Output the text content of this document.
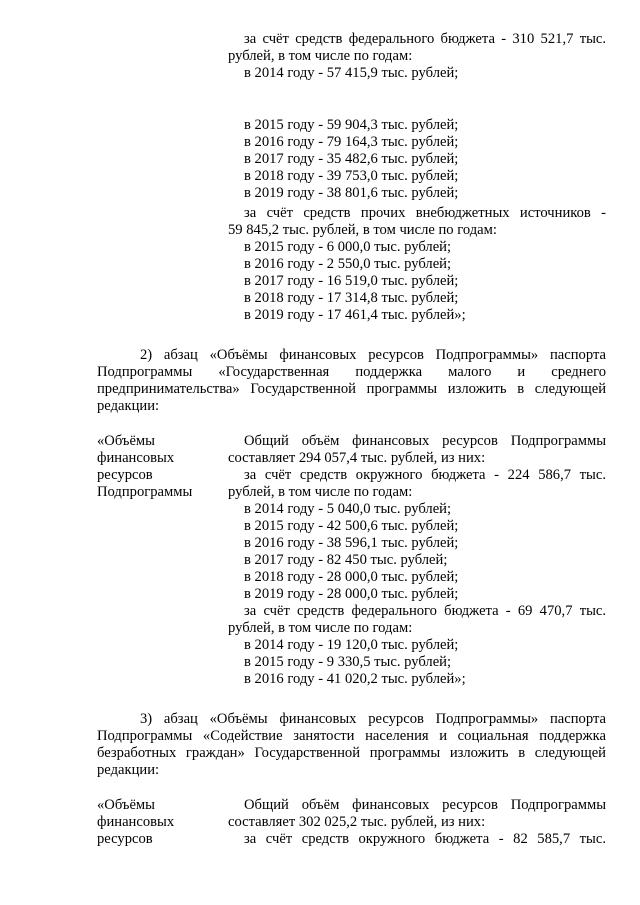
за счёт средств федерального бюджета - 310 521,7 тыс.
рублей, в том числе по годам:
в 2014 году - 57 415,9 тыс. рублей;
в 2015 году - 59 904,3 тыс. рублей;
в 2016 году - 79 164,3 тыс. рублей;
в 2017 году - 35 482,6 тыс. рублей;
в 2018 году - 39 753,0 тыс. рублей;
в 2019 году - 38 801,6 тыс. рублей;
за счёт средств прочих внебюджетных источников -
59 845,2 тыс. рублей, в том числе по годам:
в 2015 году - 6 000,0 тыс. рублей;
в 2016 году - 2 550,0 тыс. рублей;
в 2017 году - 16 519,0 тыс. рублей;
в 2018 году - 17 314,8 тыс. рублей;
в 2019 году - 17 461,4 тыс. рублей»;
2) абзац «Объёмы финансовых ресурсов Подпрограммы» паспорта
Подпрограммы «Государственная поддержка малого и среднего
предпринимательства» Государственной программы изложить в следующей
редакции:
«Объёмы
финансовых
ресурсов
Подпрограммы
Общий объём финансовых ресурсов Подпрограммы
составляет 294 057,4 тыс. рублей, из них:
за счёт средств окружного бюджета - 224 586,7 тыс.
рублей, в том числе по годам:
в 2014 году - 5 040,0 тыс. рублей;
в 2015 году - 42 500,6 тыс. рублей;
в 2016 году - 38 596,1 тыс. рублей;
в 2017 году - 82 450 тыс. рублей;
в 2018 году - 28 000,0 тыс. рублей;
в 2019 году - 28 000,0 тыс. рублей;
за счёт средств федерального бюджета - 69 470,7 тыс.
рублей, в том числе по годам:
в 2014 году - 19 120,0 тыс. рублей;
в 2015 году - 9 330,5 тыс. рублей;
в 2016 году - 41 020,2 тыс. рублей»;
3) абзац «Объёмы финансовых ресурсов Подпрограммы» паспорта
Подпрограммы «Содействие занятости населения и социальная поддержка
безработных граждан» Государственной программы изложить в следующей
редакции:
«Объёмы
финансовых
ресурсов
Общий объём финансовых ресурсов Подпрограммы
составляет 302 025,2 тыс. рублей, из них:
за счёт средств окружного бюджета - 82 585,7 тыс.
